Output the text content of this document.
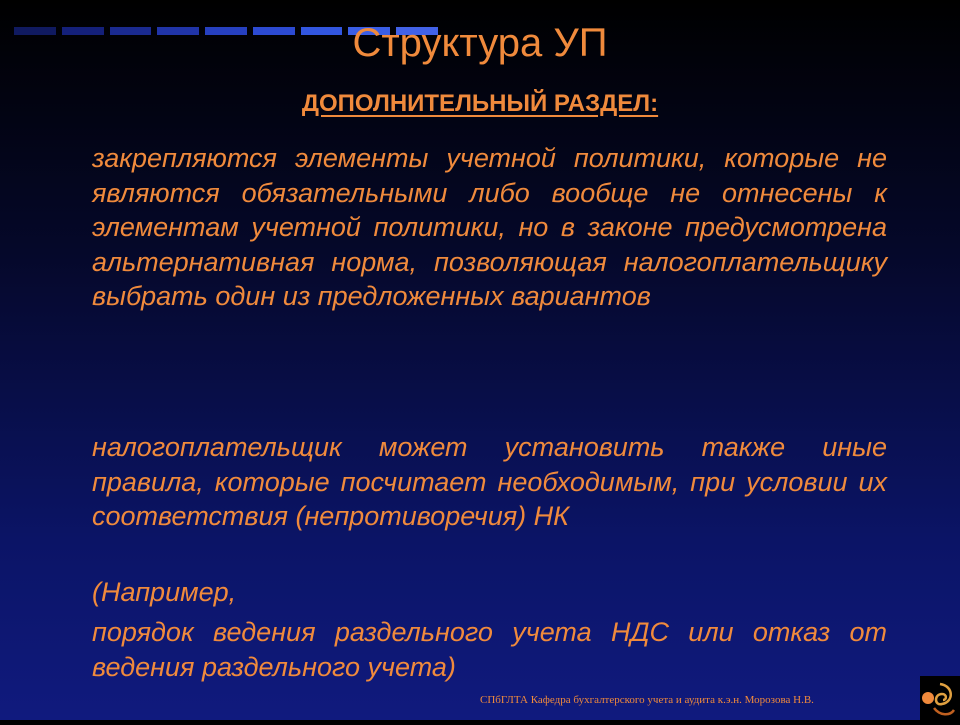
Структура УП
ДОПОЛНИТЕЛЬНЫЙ РАЗДЕЛ:

закрепляются элементы учетной политики, которые не являются обязательными либо вообще не отнесены к элементам учетной политики, но в законе предусмотрена альтернативная норма, позволяющая налогоплательщику выбрать один из предложенных вариантов

налогоплательщик может установить также иные правила, которые посчитает необходимым, при условии их соответствия (непротиворечия) НК

(Например,

порядок ведения раздельного учета НДС или отказ от ведения раздельного учета)

СПбГЛТА Кафедра бухгалтерского учета и аудита к.э.н. Морозова Н.В.
